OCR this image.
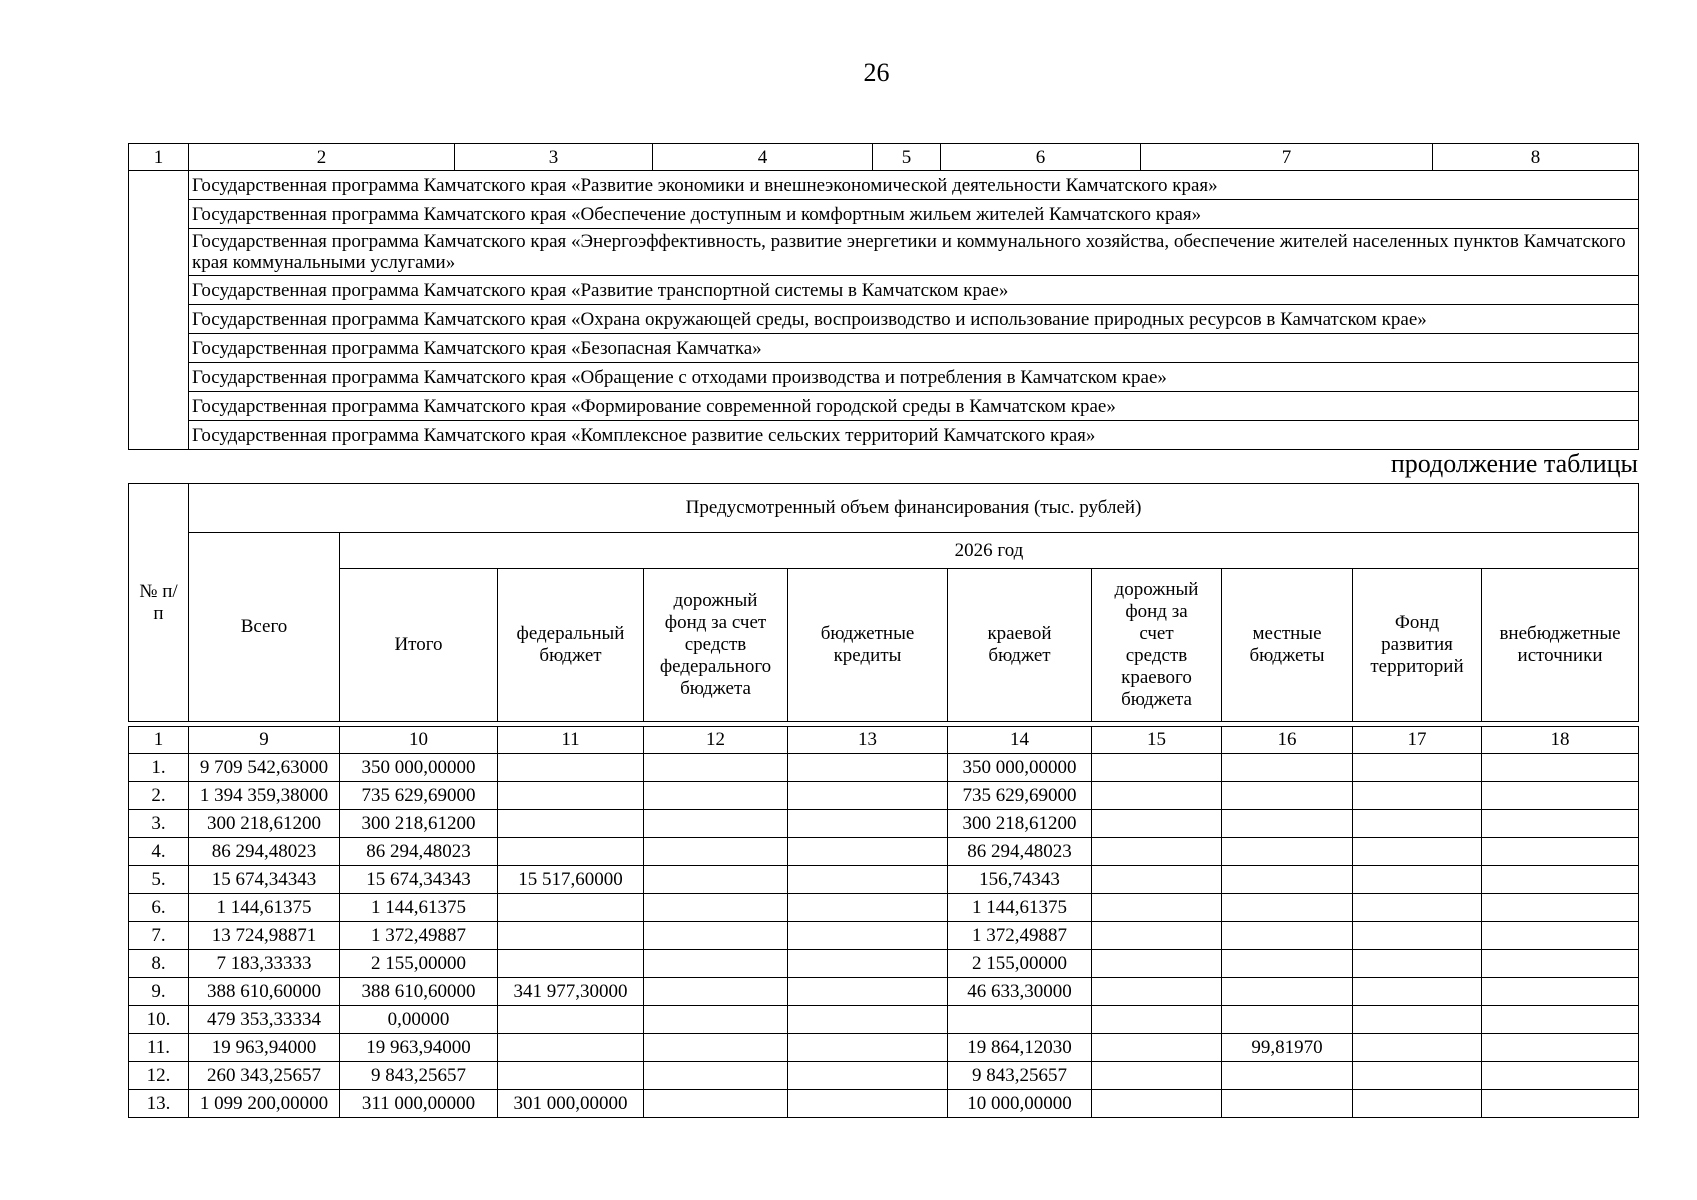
26
1	2	3	4	5	6	7	8
	Государственная программа Камчатского края «Развитие экономики и внешнеэкономической деятельности Камчатского края»						
	Государственная программа Камчатского края «Обеспечение доступным и комфортным жильем жителей Камчатского края»						
	Государственная программа Камчатского края «Энергоэффективность, развитие энергетики и коммунального хозяйства, обеспечение жителей населенных пунктов Камчатского края коммунальными услугами»						
	Государственная программа Камчатского края «Развитие транспортной системы в Камчатском крае»						
	Государственная программа Камчатского края «Охрана окружающей среды, воспроизводство и использование природных ресурсов в Камчатском крае»						
	Государственная программа Камчатского края «Безопасная Камчатка»						
	Государственная программа Камчатского края «Обращение с отходами производства и потребления в Камчатском крае»						
	Государственная программа Камчатского края «Формирование современной городской среды в Камчатском крае»						
	Государственная программа Камчатского края «Комплексное развитие сельских территорий Камчатского края»						
продолжение таблицы
№ п/п	Предусмотренный объем финансирования (тыс. рублей)									
	Всего	2026 год								
		Итого	федеральный бюджет	дорожный фонд за счет средств федерального бюджета	бюджетные кредиты	краевой бюджет	дорожный фонд за счет средств краевого бюджета	местные бюджеты	Фонд развития территорий	внебюджетные источники

1	9	10	11	12	13	14	15	16	17	18
1.	9 709 542,63000	350 000,00000				350 000,00000				
2.	1 394 359,38000	735 629,69000				735 629,69000				
3.	300 218,61200	300 218,61200				300 218,61200				
4.	86 294,48023	86 294,48023				86 294,48023				
5.	15 674,34343	15 674,34343	15 517,60000			156,74343				
6.	1 144,61375	1 144,61375				1 144,61375				
7.	13 724,98871	1 372,49887				1 372,49887				
8.	7 183,33333	2 155,00000				2 155,00000				
9.	388 610,60000	388 610,60000	341 977,30000			46 633,30000				
10.	479 353,33334	0,00000								
11.	19 963,94000	19 963,94000				19 864,12030		99,81970		
12.	260 343,25657	9 843,25657				9 843,25657				
13.	1 099 200,00000	311 000,00000	301 000,00000			10 000,00000				
